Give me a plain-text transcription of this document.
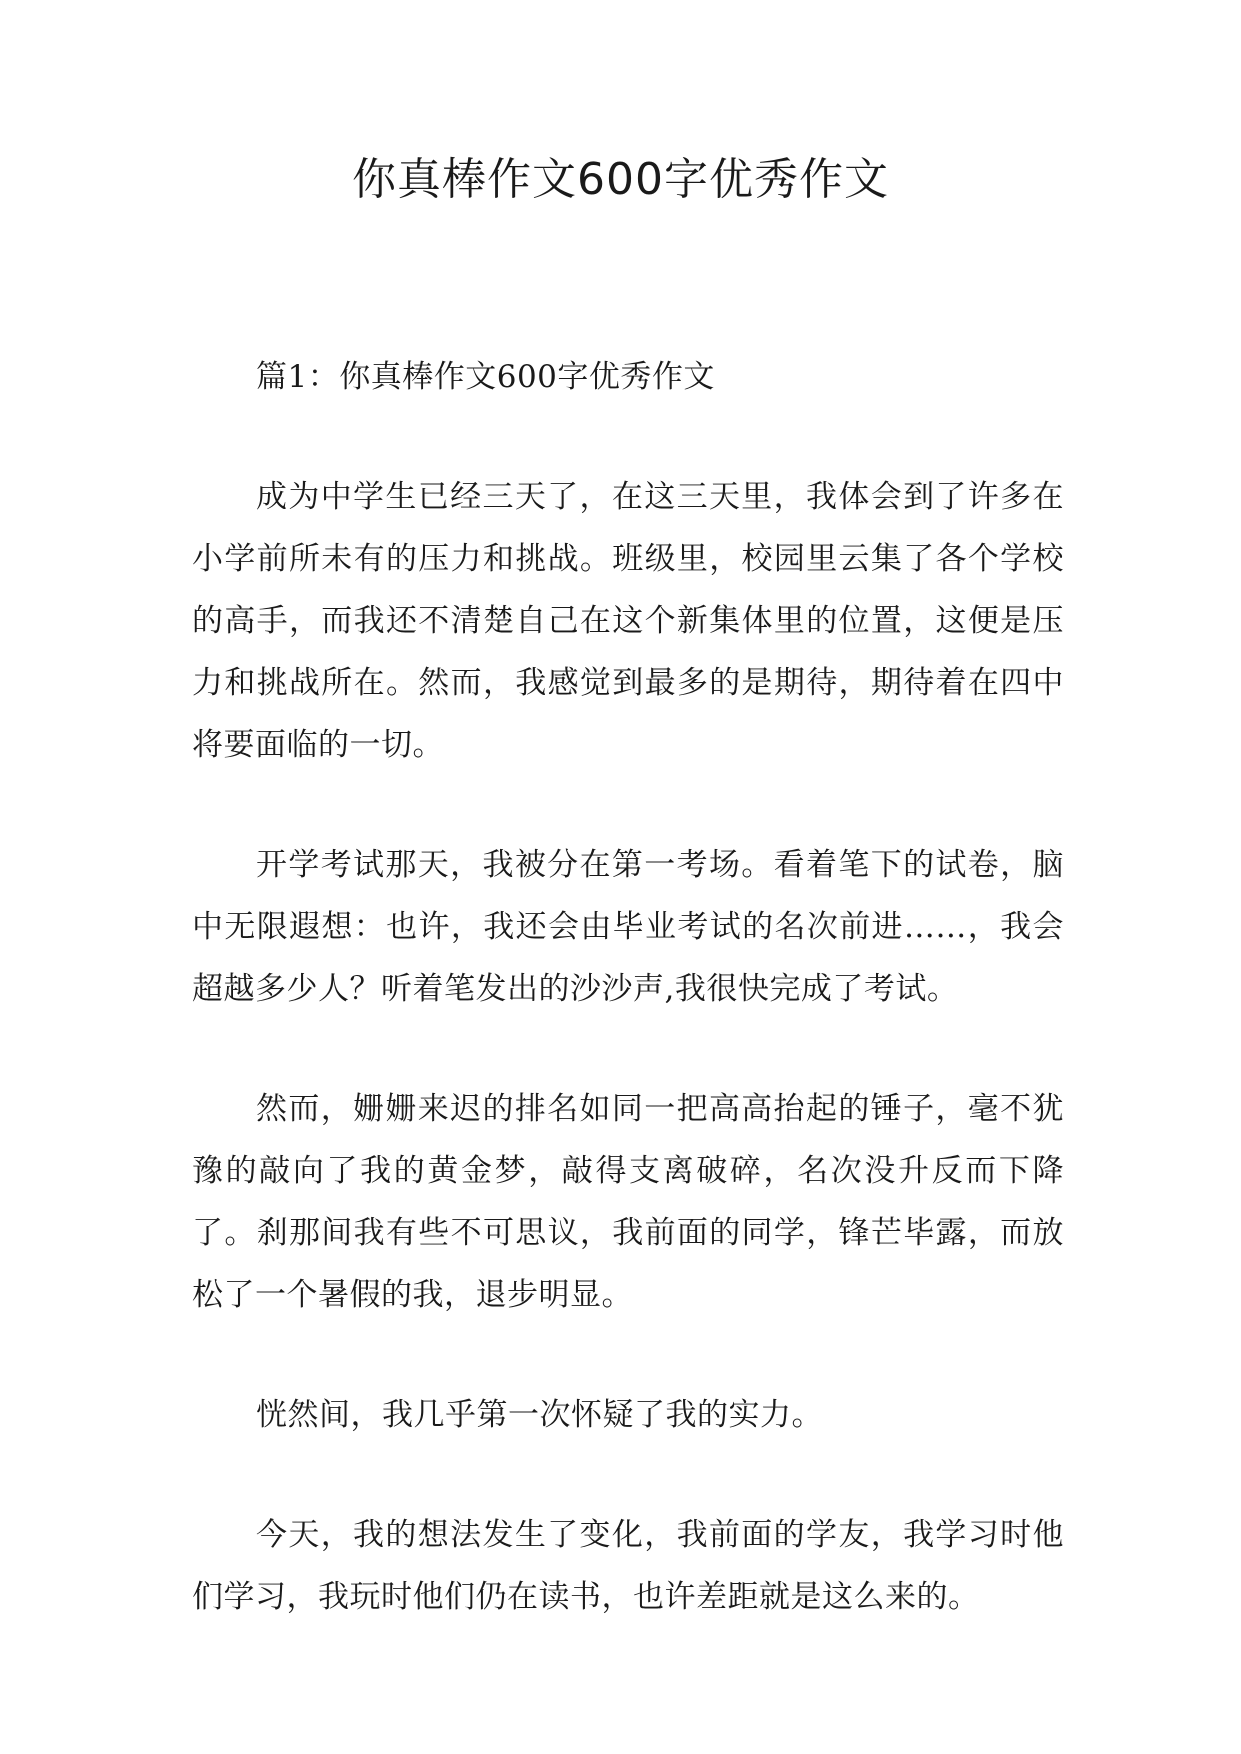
你真棒作文600字优秀作文

篇1：你真棒作文600字优秀作文

成为中学生已经三天了，在这三天里，我体会到了许多在小学前所未有的压力和挑战。班级里，校园里云集了各个学校的高手，而我还不清楚自己在这个新集体里的位置，这便是压力和挑战所在。然而，我感觉到最多的是期待，期待着在四中将要面临的一切。

开学考试那天，我被分在第一考场。看着笔下的试卷，脑中无限遐想：也许，我还会由毕业考试的名次前进……，我会超越多少人？听着笔发出的沙沙声,我很快完成了考试。

然而，姗姗来迟的排名如同一把高高抬起的锤子，毫不犹豫的敲向了我的黄金梦，敲得支离破碎，名次没升反而下降了。刹那间我有些不可思议，我前面的同学，锋芒毕露，而放松了一个暑假的我，退步明显。

恍然间，我几乎第一次怀疑了我的实力。

今天，我的想法发生了变化，我前面的学友，我学习时他们学习，我玩时他们仍在读书，也许差距就是这么来的。
